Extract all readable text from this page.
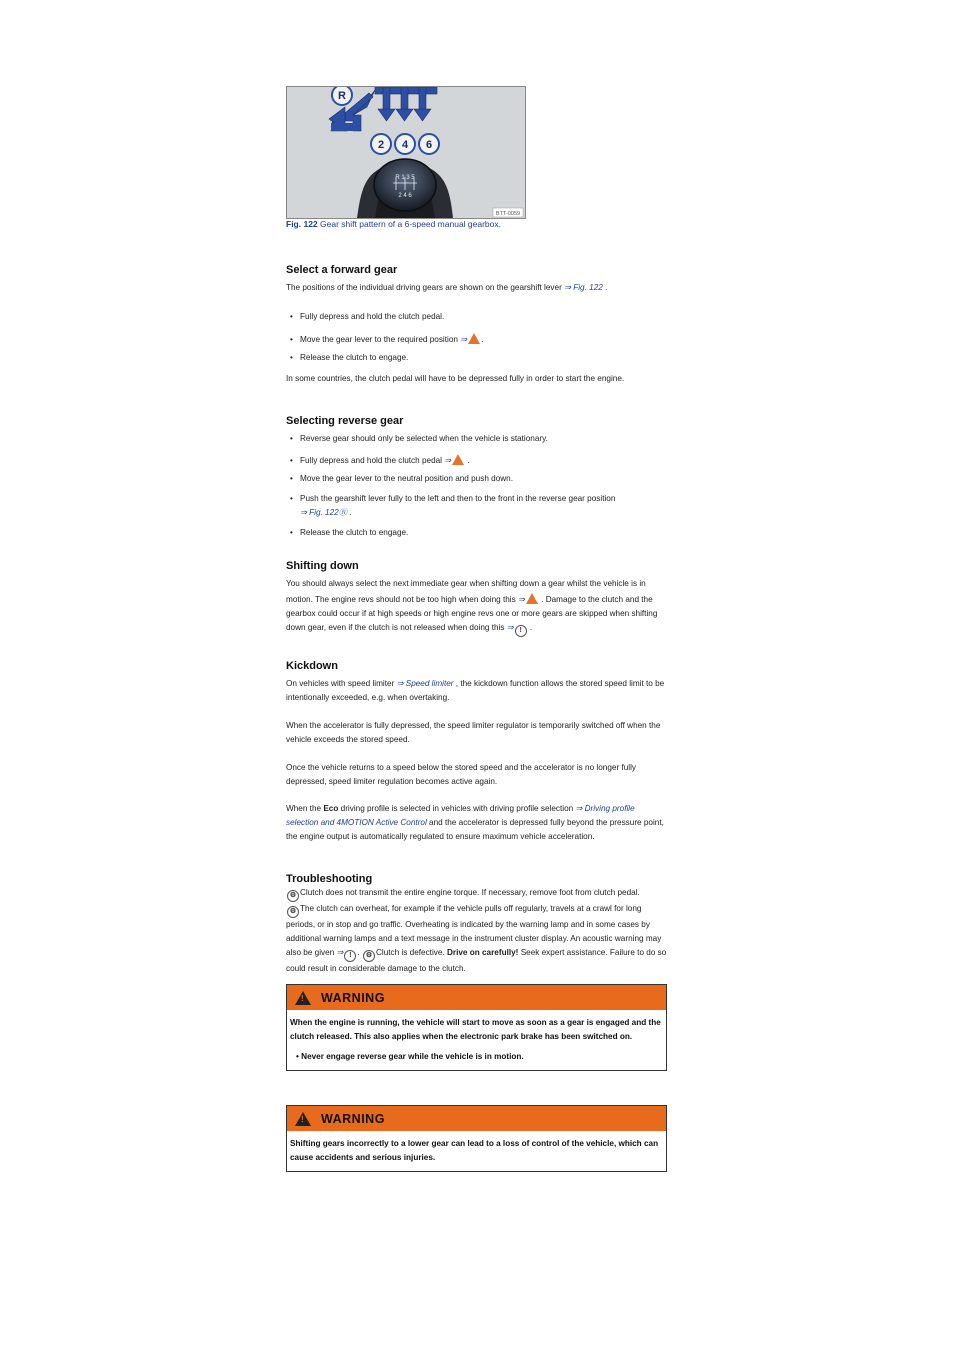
R 1 3 5
2 4 6
R
2 4 6
BTT-0059
Fig. 122 Gear shift pattern of a 6-speed manual gearbox.
Select a forward gear
The positions of the individual driving gears are shown on the gearshift lever ⇒ Fig. 122 .
• Fully depress and hold the clutch pedal.
• Move the gear lever to the required position ⇒ .
• Release the clutch to engage.
In some countries, the clutch pedal will have to be depressed fully in order to start the engine.
Selecting reverse gear
• Reverse gear should only be selected when the vehicle is stationary.
• Fully depress and hold the clutch pedal ⇒ .
• Move the gear lever to the neutral position and push down.
• Push the gearshift lever fully to the left and then to the front in the reverse gear position
⇒ Fig. 122Ⓡ .
• Release the clutch to engage.
Shifting down
You should always select the next immediate gear when shifting down a gear whilst the vehicle is in motion. The engine revs should not be too high when doing this ⇒ . Damage to the clutch and the gearbox could occur if at high speeds or high engine revs one or more gears are skipped when shifting down gear, even if the clutch is not released when doing this ⇒ ! .
Kickdown
On vehicles with speed limiter ⇒ Speed limiter , the kickdown function allows the stored speed limit to be intentionally exceeded, e.g. when overtaking.
When the accelerator is fully depressed, the speed limiter regulator is temporarily switched off when the vehicle exceeds the stored speed.
Once the vehicle returns to a speed below the stored speed and the accelerator is no longer fully depressed, speed limiter regulation becomes active again.
When the Eco driving profile is selected in vehicles with driving profile selection ⇒ Driving profile selection and 4MOTION Active Control and the accelerator is depressed fully beyond the pressure point, the engine output is automatically regulated to ensure maximum vehicle acceleration.
Troubleshooting
⚙ Clutch does not transmit the entire engine torque. If necessary, remove foot from clutch pedal.
⚙ The clutch can overheat, for example if the vehicle pulls off regularly, travels at a crawl for long periods, or in stop and go traffic. Overheating is indicated by the warning lamp and in some cases by additional warning lamps and a text message in the instrument cluster display. An acoustic warning may also be given ⇒ ! . ⚙ Clutch is defective. Drive on carefully! Seek expert assistance. Failure to do so could result in considerable damage to the clutch.
!
WARNING
When the engine is running, the vehicle will start to move as soon as a gear is engaged and the clutch released. This also applies when the electronic park brake has been switched on.
• Never engage reverse gear while the vehicle is in motion.
!
WARNING
Shifting gears incorrectly to a lower gear can lead to a loss of control of the vehicle, which can cause accidents and serious injuries.
